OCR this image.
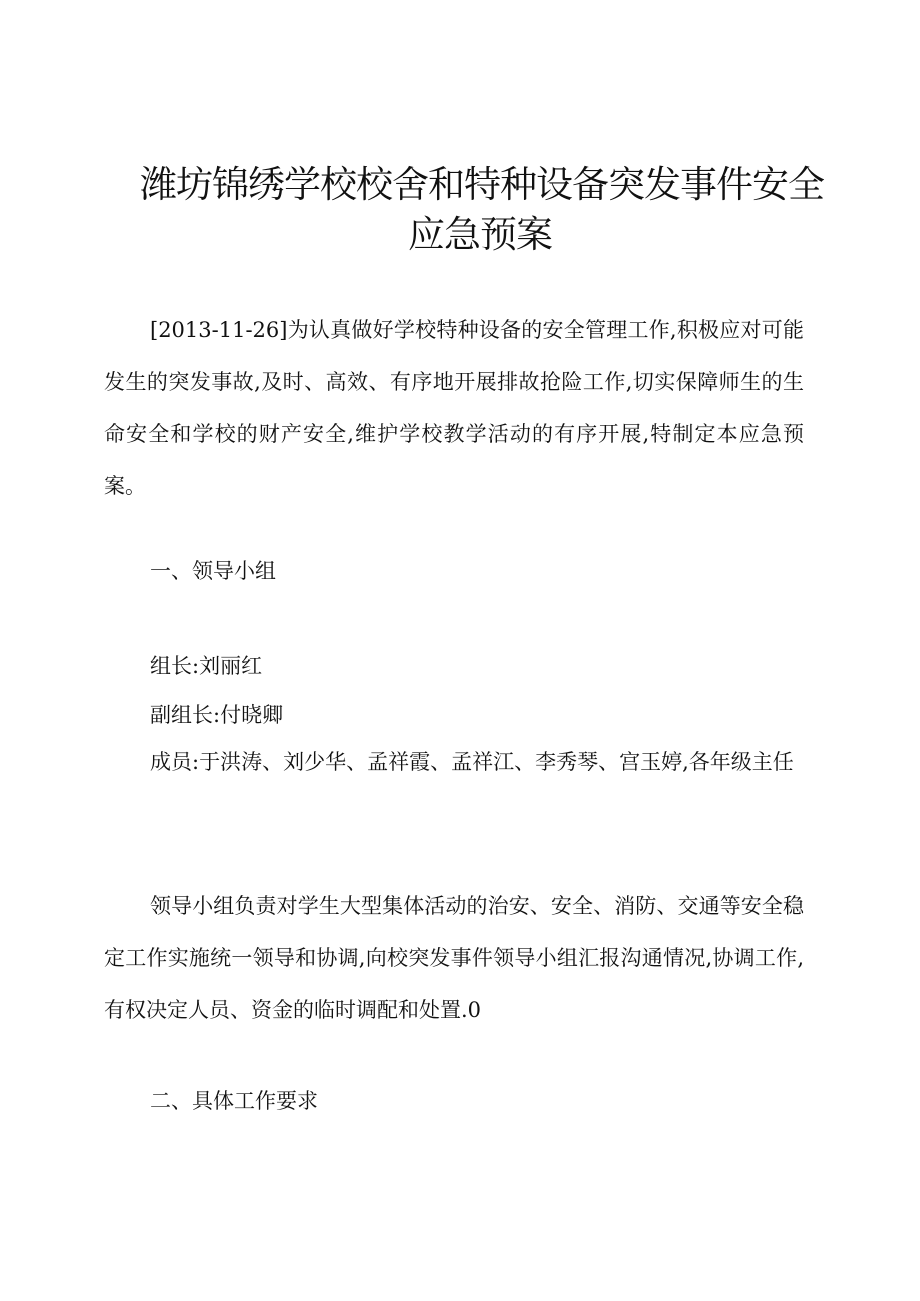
潍坊锦绣学校校舍和特种设备突发事件安全
应急预案

[2013-11-26]为认真做好学校特种设备的安全管理工作,积极应对可能发生的突发事故,及时、高效、有序地开展排故抢险工作,切实保障师生的生命安全和学校的财产安全,维护学校教学活动的有序开展,特制定本应急预案。

一、领导小组

组长:刘丽红

副组长:付晓卿

成员:于洪涛、刘少华、孟祥霞、孟祥江、李秀琴、宫玉婷,各年级主任

领导小组负责对学生大型集体活动的治安、安全、消防、交通等安全稳定工作实施统一领导和协调,向校突发事件领导小组汇报沟通情况,协调工作,有权决定人员、资金的临时调配和处置.0

二、具体工作要求
